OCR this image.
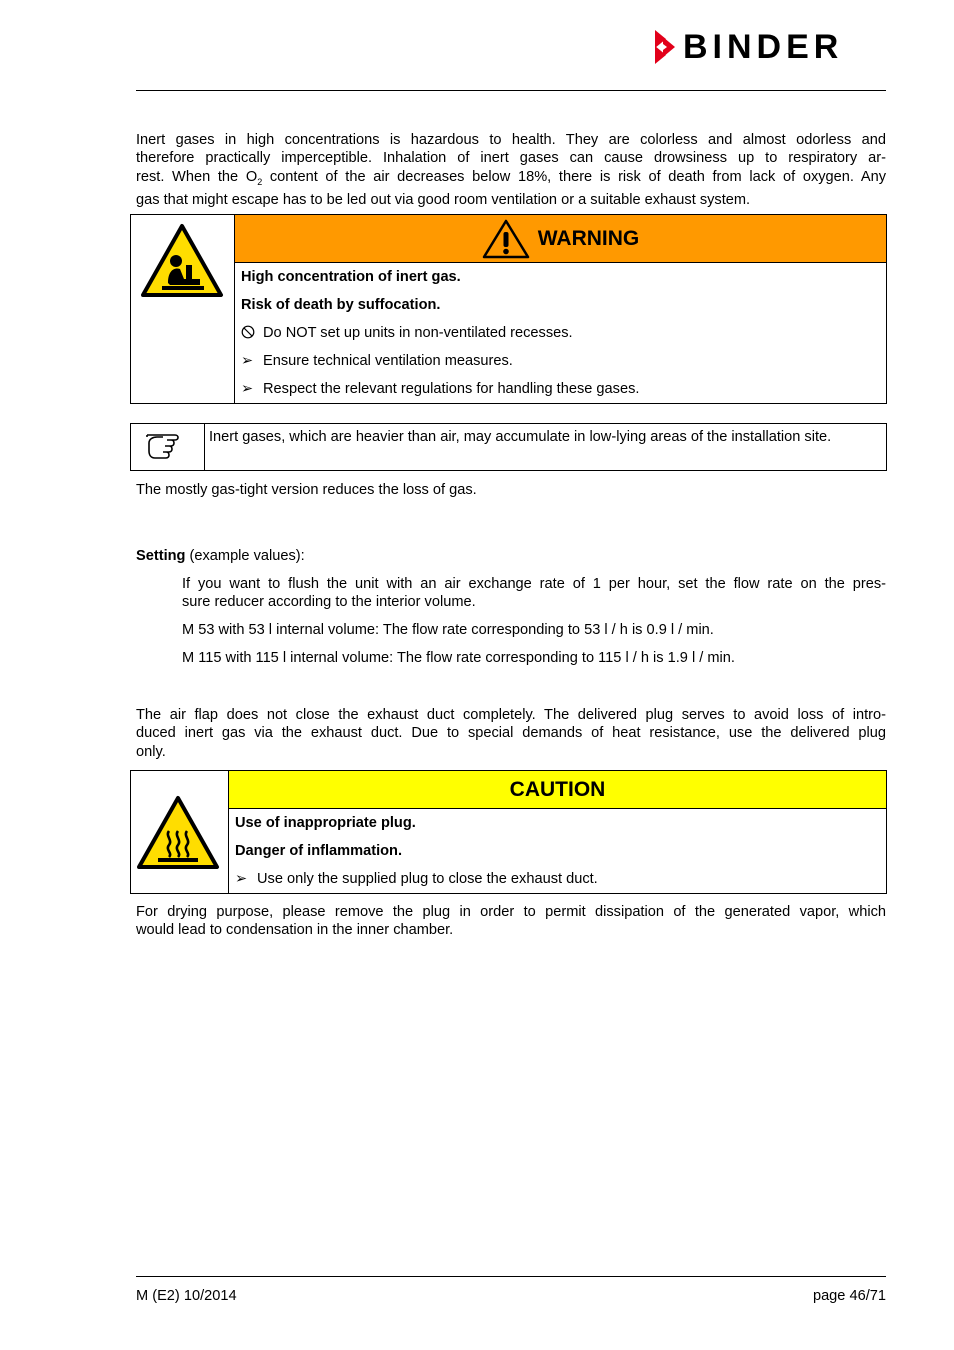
BINDER
Inert gases in high concentrations is hazardous to health. They are colorless and almost odorless and
therefore practically imperceptible. Inhalation of inert gases can cause drowsiness up to respiratory ar-
rest. When the $O_2$ content of the air decreases below 18%, there is risk of death from lack of oxygen. Any
gas that might escape has to be led out via good room ventilation or a suitable exhaust system.

WARNING

High concentration of inert gas.
Risk of death by suffocation.
Do NOT set up units in non-ventilated recesses.
➢ Ensure technical ventilation measures.
➢ Respect the relevant regulations for handling these gases.

Inert gases, which are heavier than air, may accumulate in low-lying areas of the installation site.
The mostly gas-tight version reduces the loss of gas.
Setting (example values):
If you want to flush the unit with an air exchange rate of 1 per hour, set the flow rate on the pres-
sure reducer according to the interior volume.
M 53 with 53 l internal volume: The flow rate corresponding to 53 l / h is 0.9 l / min.
M 115 with 115 l internal volume: The flow rate corresponding to 115 l / h is 1.9 l / min.
The air flap does not close the exhaust duct completely. The delivered plug serves to avoid loss of intro-
duced inert gas via the exhaust duct. Due to special demands of heat resistance, use the delivered plug
only.

CAUTION

Use of inappropriate plug.
Danger of inflammation.
➢ Use only the supplied plug to close the exhaust duct.
For drying purpose, please remove the plug in order to permit dissipation of the generated vapor, which
would lead to condensation in the inner chamber.
M (E2) 10/2014	page 46/71
